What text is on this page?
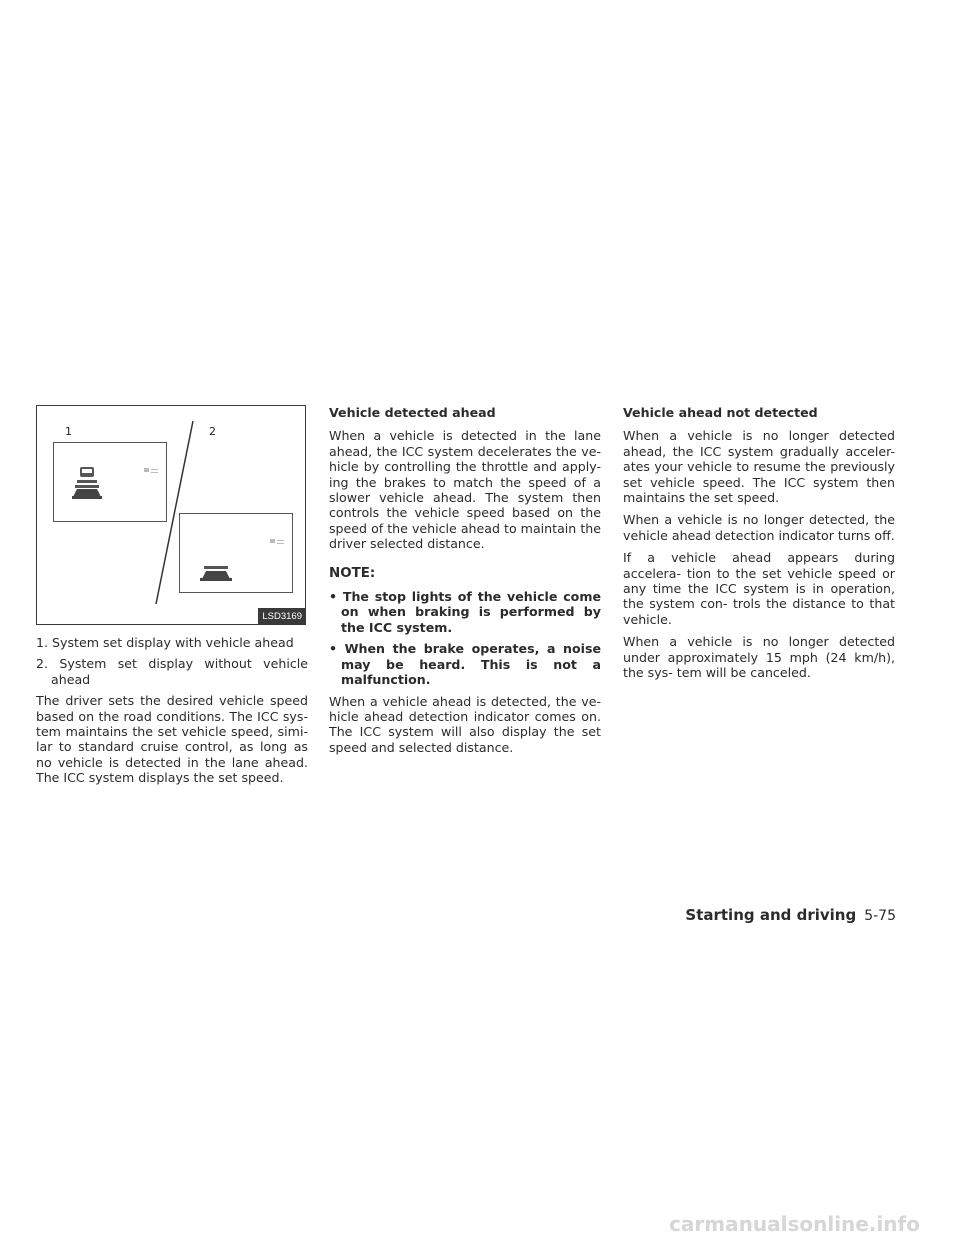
1	2
LSD3169

1. System set display with vehicle ahead

2. System set display without vehicle ahead

The driver sets the desired vehicle speed based on the road conditions. The ICC sys- tem maintains the set vehicle speed, simi- lar to standard cruise control, as long as no vehicle is detected in the lane ahead. The ICC system displays the set speed.

Vehicle detected ahead

When a vehicle is detected in the lane ahead, the ICC system decelerates the ve- hicle by controlling the throttle and apply- ing the brakes to match the speed of a slower vehicle ahead. The system then controls the vehicle speed based on the speed of the vehicle ahead to maintain the driver selected distance.

NOTE:

• The stop lights of the vehicle come on when braking is performed by the ICC system.

• When the brake operates, a noise may be heard. This is not a malfunction.

When a vehicle ahead is detected, the ve- hicle ahead detection indicator comes on. The ICC system will also display the set speed and selected distance.

Vehicle ahead not detected

When a vehicle is no longer detected ahead, the ICC system gradually acceler- ates your vehicle to resume the previously set vehicle speed. The ICC system then maintains the set speed.

When a vehicle is no longer detected, the vehicle ahead detection indicator turns off.

If a vehicle ahead appears during accelera- tion to the set vehicle speed or any time the ICC system is in operation, the system con- trols the distance to that vehicle.

When a vehicle is no longer detected under approximately 15 mph (24 km/h), the sys- tem will be canceled.

Starting and driving 5-75
carmanualsonline.info
